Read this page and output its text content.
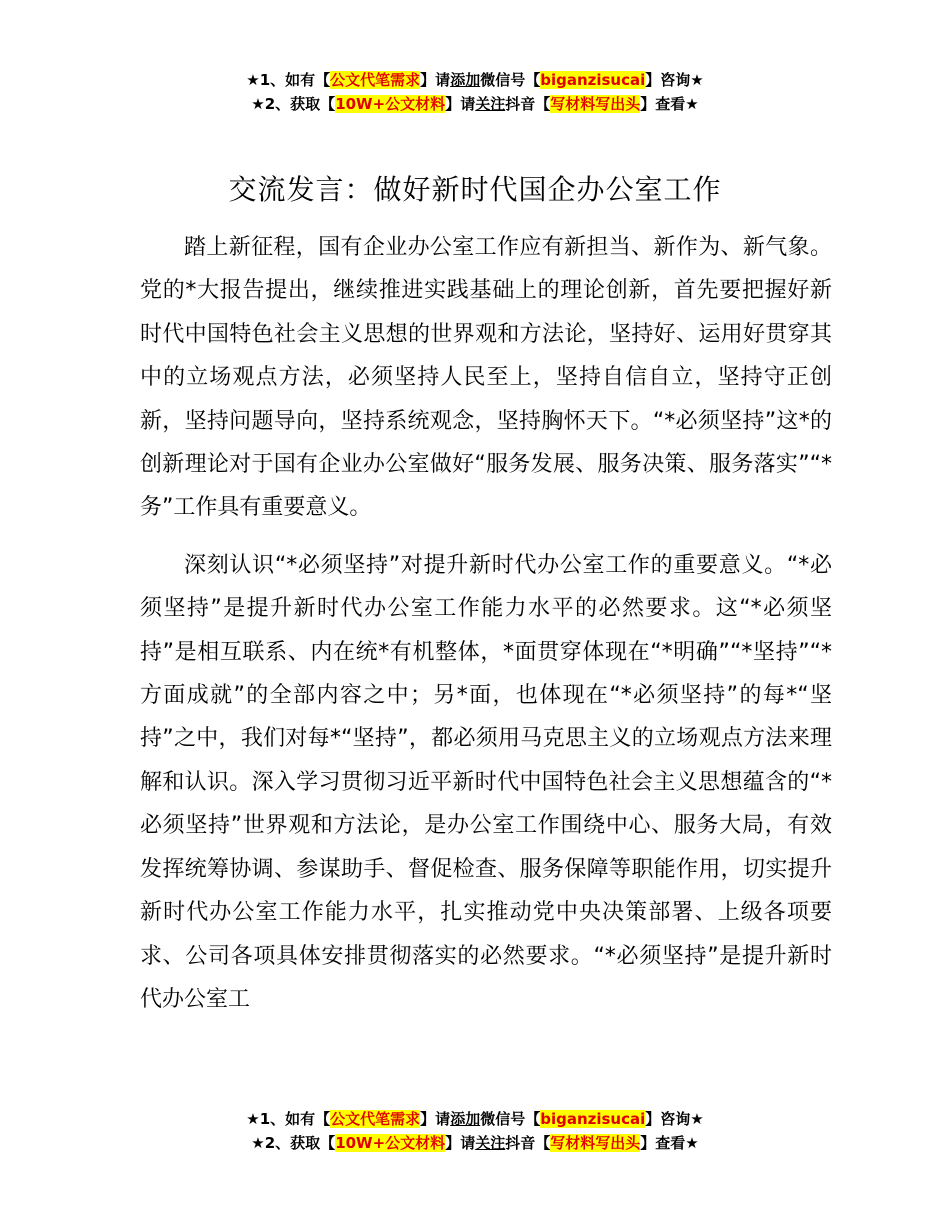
★1、如有【公文代笔需求】请添加微信号【biganzisucai】咨询★
★2、获取【10W+公文材料】请关注抖音【写材料写出头】查看★
交流发言：做好新时代国企办公室工作

踏上新征程，国有企业办公室工作应有新担当、新作为、新气象。党的*大报告提出，继续推进实践基础上的理论创新，首先要把握好新时代中国特色社会主义思想的世界观和方法论，坚持好、运用好贯穿其中的立场观点方法，必须坚持人民至上，坚持自信自立，坚持守正创新，坚持问题导向，坚持系统观念，坚持胸怀天下。“*必须坚持”这*的创新理论对于国有企业办公室做好“服务发展、服务决策、服务落实”“*务”工作具有重要意义。

深刻认识“*必须坚持”对提升新时代办公室工作的重要意义。“*必须坚持”是提升新时代办公室工作能力水平的必然要求。这“*必须坚持”是相互联系、内在统*有机整体，*面贯穿体现在“*明确”“*坚持”“*方面成就”的全部内容之中；另*面，也体现在“*必须坚持”的每*“坚持”之中，我们对每*“坚持”，都必须用马克思主义的立场观点方法来理解和认识。深入学习贯彻习近平新时代中国特色社会主义思想蕴含的“*必须坚持”世界观和方法论，是办公室工作围绕中心、服务大局，有效发挥统筹协调、参谋助手、督促检查、服务保障等职能作用，切实提升新时代办公室工作能力水平，扎实推动党中央决策部署、上级各项要求、公司各项具体安排贯彻落实的必然要求。“*必须坚持”是提升新时代办公室工

★1、如有【公文代笔需求】请添加微信号【biganzisucai】咨询★
★2、获取【10W+公文材料】请关注抖音【写材料写出头】查看★
